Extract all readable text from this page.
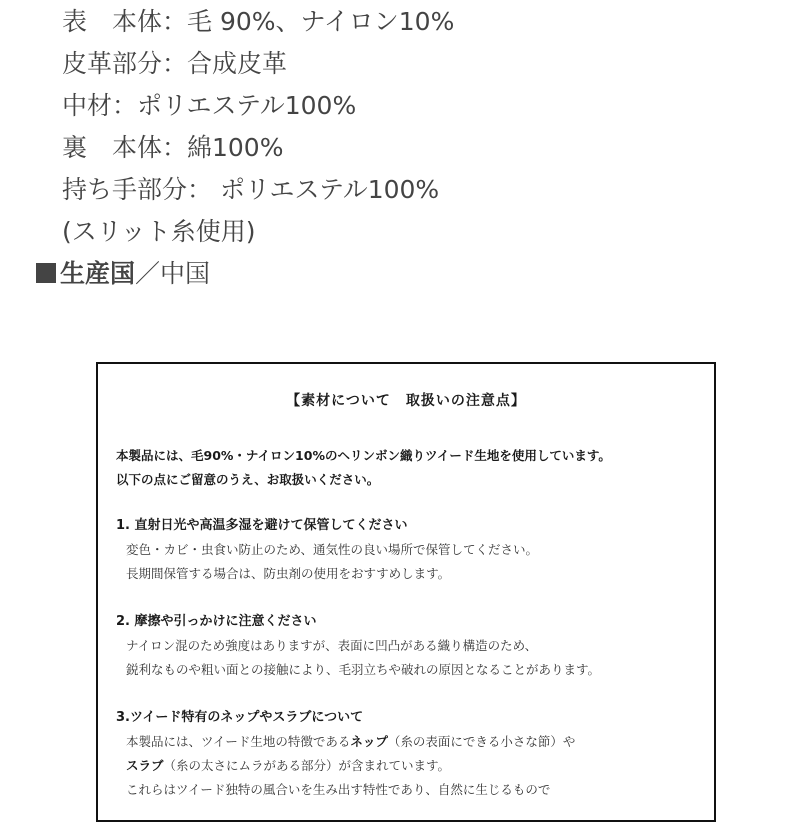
表　本体：毛 90%、ナイロン10%
皮革部分：合成皮革
中材：ポリエステル100%
裏　本体：綿100%
持ち手部分： ポリエステル100%
(スリット糸使用)
生産国／中国
【素材について　取扱いの注意点】
本製品には、毛90%・ナイロン10%のヘリンボン織りツイード生地を使用しています。
以下の点にご留意のうえ、お取扱いください。
1. 直射日光や高温多湿を避けて保管してください
変色・カビ・虫食い防止のため、通気性の良い場所で保管してください。
長期間保管する場合は、防虫剤の使用をおすすめします。
2. 摩擦や引っかけに注意ください
ナイロン混のため強度はありますが、表面に凹凸がある織り構造のため、
鋭利なものや粗い面との接触により、毛羽立ちや破れの原因となることがあります。
3.ツイード特有のネップやスラブについて
本製品には、ツイード生地の特徴であるネップ（糸の表面にできる小さな節）や
スラブ（糸の太さにムラがある部分）が含まれています。
これらはツイード独特の風合いを生み出す特性であり、自然に生じるもので
